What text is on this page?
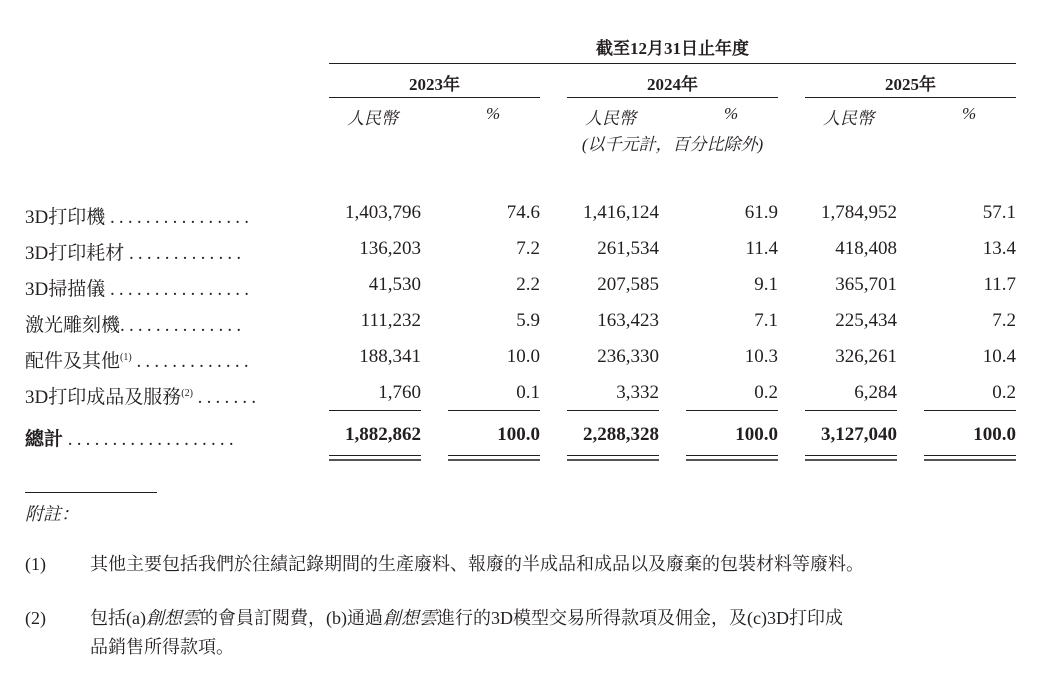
截至12月31日止年度
2023年	2024年	2025年
人民幣	%	人民幣	%	人民幣	%
(以千元計，百分比除外)
3D打印機 ................	1,403,796	74.6	1,416,124	61.9	1,784,952	57.1
3D打印耗材 .............	136,203	7.2	261,534	11.4	418,408	13.4
3D掃描儀 ................	41,530	2.2	207,585	9.1	365,701	11.7
激光雕刻機..............	111,232	5.9	163,423	7.1	225,434	7.2
配件及其他$^{(1)}$ .............	188,341	10.0	236,330	10.3	326,261	10.4
3D打印成品及服務$^{(2)}$ .......	1,760	0.1	3,332	0.2	6,284	0.2
總計 ...................	1,882,862	100.0	2,288,328	100.0	3,127,040	100.0
附註：
(1) 其他主要包括我們於往績記錄期間的生產廢料、報廢的半成品和成品以及廢棄的包裝材料等廢料。
(2) 包括(a)創想雲的會員訂閱費，(b)通過創想雲進行的3D模型交易所得款項及佣金，及(c)3D打印成
品銷售所得款項。
